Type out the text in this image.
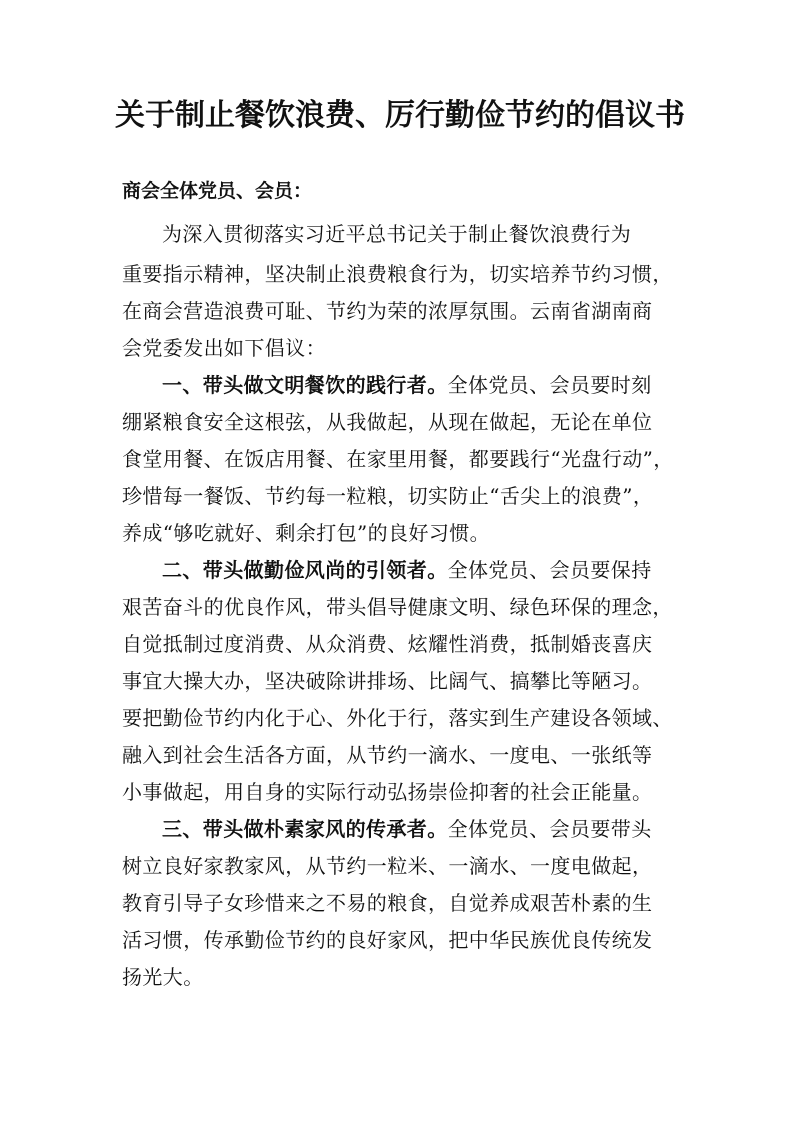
关于制止餐饮浪费、厉行勤俭节约的倡议书
商会全体党员、会员：
为深入贯彻落实习近平总书记关于制止餐饮浪费行为
重要指示精神，坚决制止浪费粮食行为，切实培养节约习惯，
在商会营造浪费可耻、节约为荣的浓厚氛围。云南省湖南商
会党委发出如下倡议：
一、带头做文明餐饮的践行者。全体党员、会员要时刻
绷紧粮食安全这根弦，从我做起，从现在做起，无论在单位
食堂用餐、在饭店用餐、在家里用餐，都要践行“光盘行动”，
珍惜每一餐饭、节约每一粒粮，切实防止“舌尖上的浪费”，
养成“够吃就好、剩余打包”的良好习惯。
二、带头做勤俭风尚的引领者。全体党员、会员要保持
艰苦奋斗的优良作风，带头倡导健康文明、绿色环保的理念，
自觉抵制过度消费、从众消费、炫耀性消费，抵制婚丧喜庆
事宜大操大办，坚决破除讲排场、比阔气、搞攀比等陋习。
要把勤俭节约内化于心、外化于行，落实到生产建设各领域、
融入到社会生活各方面，从节约一滴水、一度电、一张纸等
小事做起，用自身的实际行动弘扬崇俭抑奢的社会正能量。
三、带头做朴素家风的传承者。全体党员、会员要带头
树立良好家教家风，从节约一粒米、一滴水、一度电做起，
教育引导子女珍惜来之不易的粮食，自觉养成艰苦朴素的生
活习惯，传承勤俭节约的良好家风，把中华民族优良传统发
扬光大。
